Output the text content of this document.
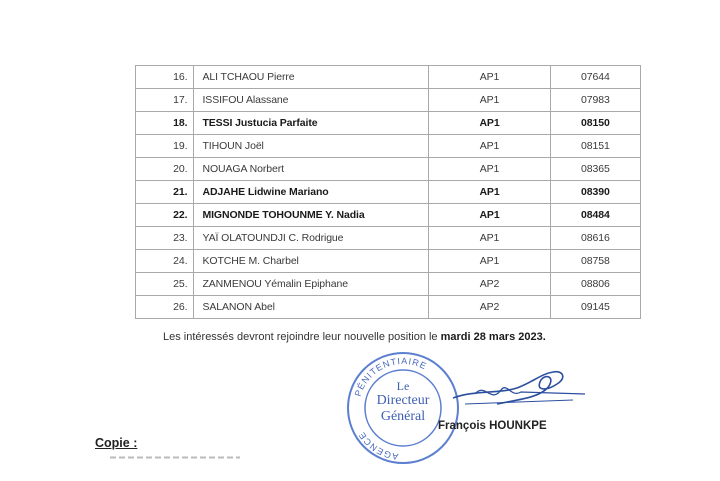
16.	ALI TCHAOU Pierre	AP1	07644
17.	ISSIFOU Alassane	AP1	07983
18.	TESSI Justucia Parfaite	AP1	08150
19.	TIHOUN Joël	AP1	08151
20.	NOUAGA Norbert	AP1	08365
21.	ADJAHE Lidwine Mariano	AP1	08390
22.	MIGNONDE TOHOUNME Y. Nadia	AP1	08484
23.	YAÏ OLATOUNDJI C. Rodrigue	AP1	08616
24.	KOTCHE M. Charbel	AP1	08758
25.	ZANMENOU Yémalin Epiphane	AP2	08806
26.	SALANON Abel	AP2	09145
Les intéressés devront rejoindre leur nouvelle position le mardi 28 mars 2023.
PÉNITENTIAIRE
AGENCE
Le
Directeur
Général
François HOUNKPE
Copie :
